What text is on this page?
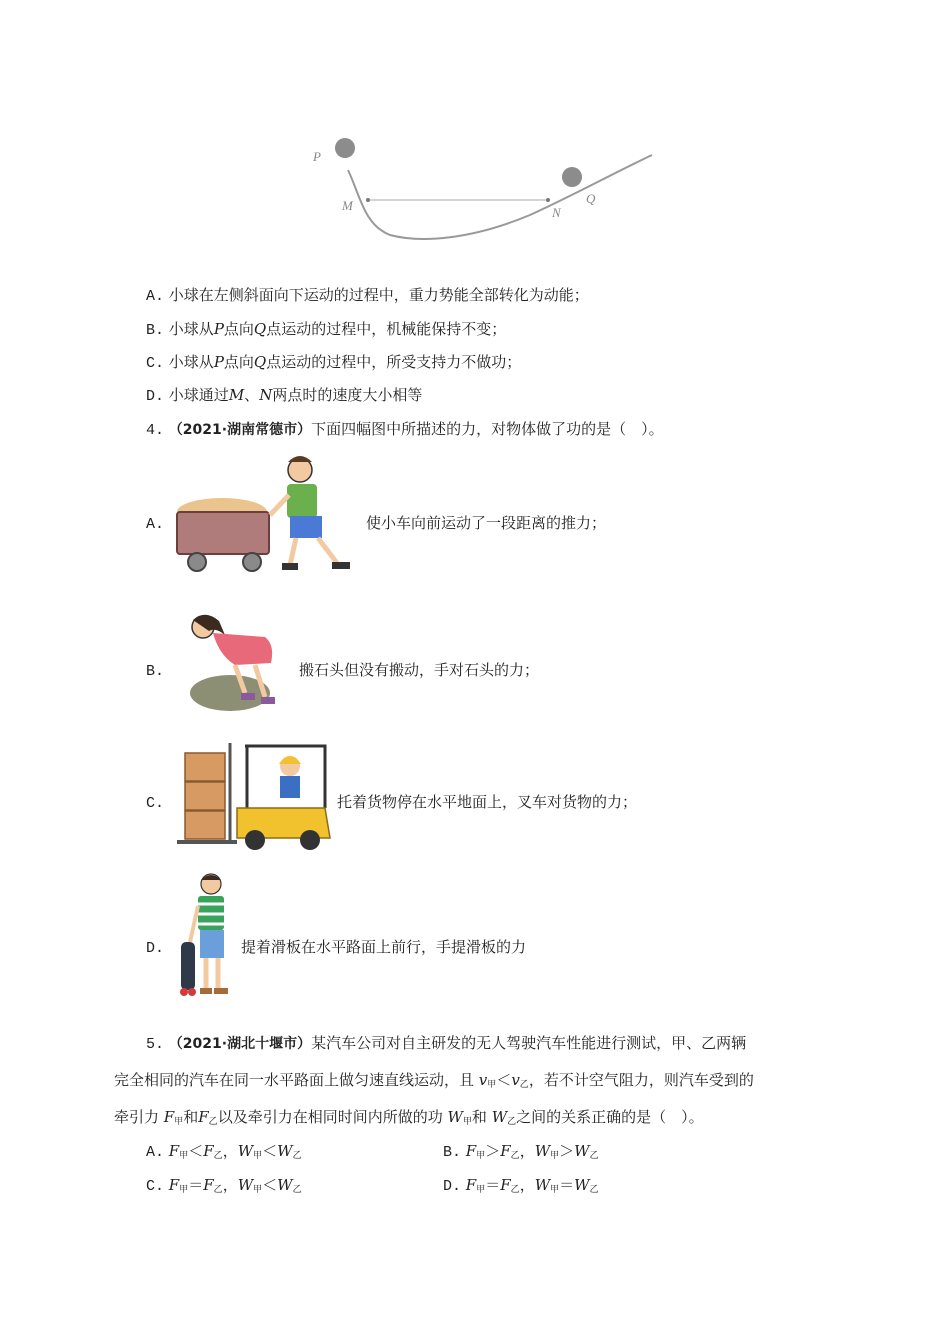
P
M	N
Q
A. 小球在左侧斜面向下运动的过程中，重力势能全部转化为动能；
B. 小球从P点向Q点运动的过程中，机械能保持不变；
C. 小球从P点向Q点运动的过程中，所受支持力不做功；
D. 小球通过M、N两点时的速度大小相等
4. （2021·湖南常德市）下面四幅图中所描述的力，对物体做了功的是（　）。
A.	使小车向前运动了一段距离的推力；
B.	搬石头但没有搬动，手对石头的力；
C.	托着货物停在水平地面上，叉车对货物的力；
D.	提着滑板在水平路面上前行，手提滑板的力
5. （2021·湖北十堰市）某汽车公司对自主研发的无人驾驶汽车性能进行测试，甲、乙两辆
完全相同的汽车在同一水平路面上做匀速直线运动，且 $v_甲<v_乙$，若不计空气阻力，则汽车受到的
牵引力 $F_甲$和$F_乙$以及牵引力在相同时间内所做的功 $W_甲$和 $W_乙$之间的关系正确的是（　）。
A. $F_甲<F_乙$，$W_甲<W_乙$	B. $F_甲>F_乙$，$W_甲>W_乙$
C. $F_甲=F_乙$，$W_甲<W_乙$	D. $F_甲=F_乙$，$W_甲=W_乙$
